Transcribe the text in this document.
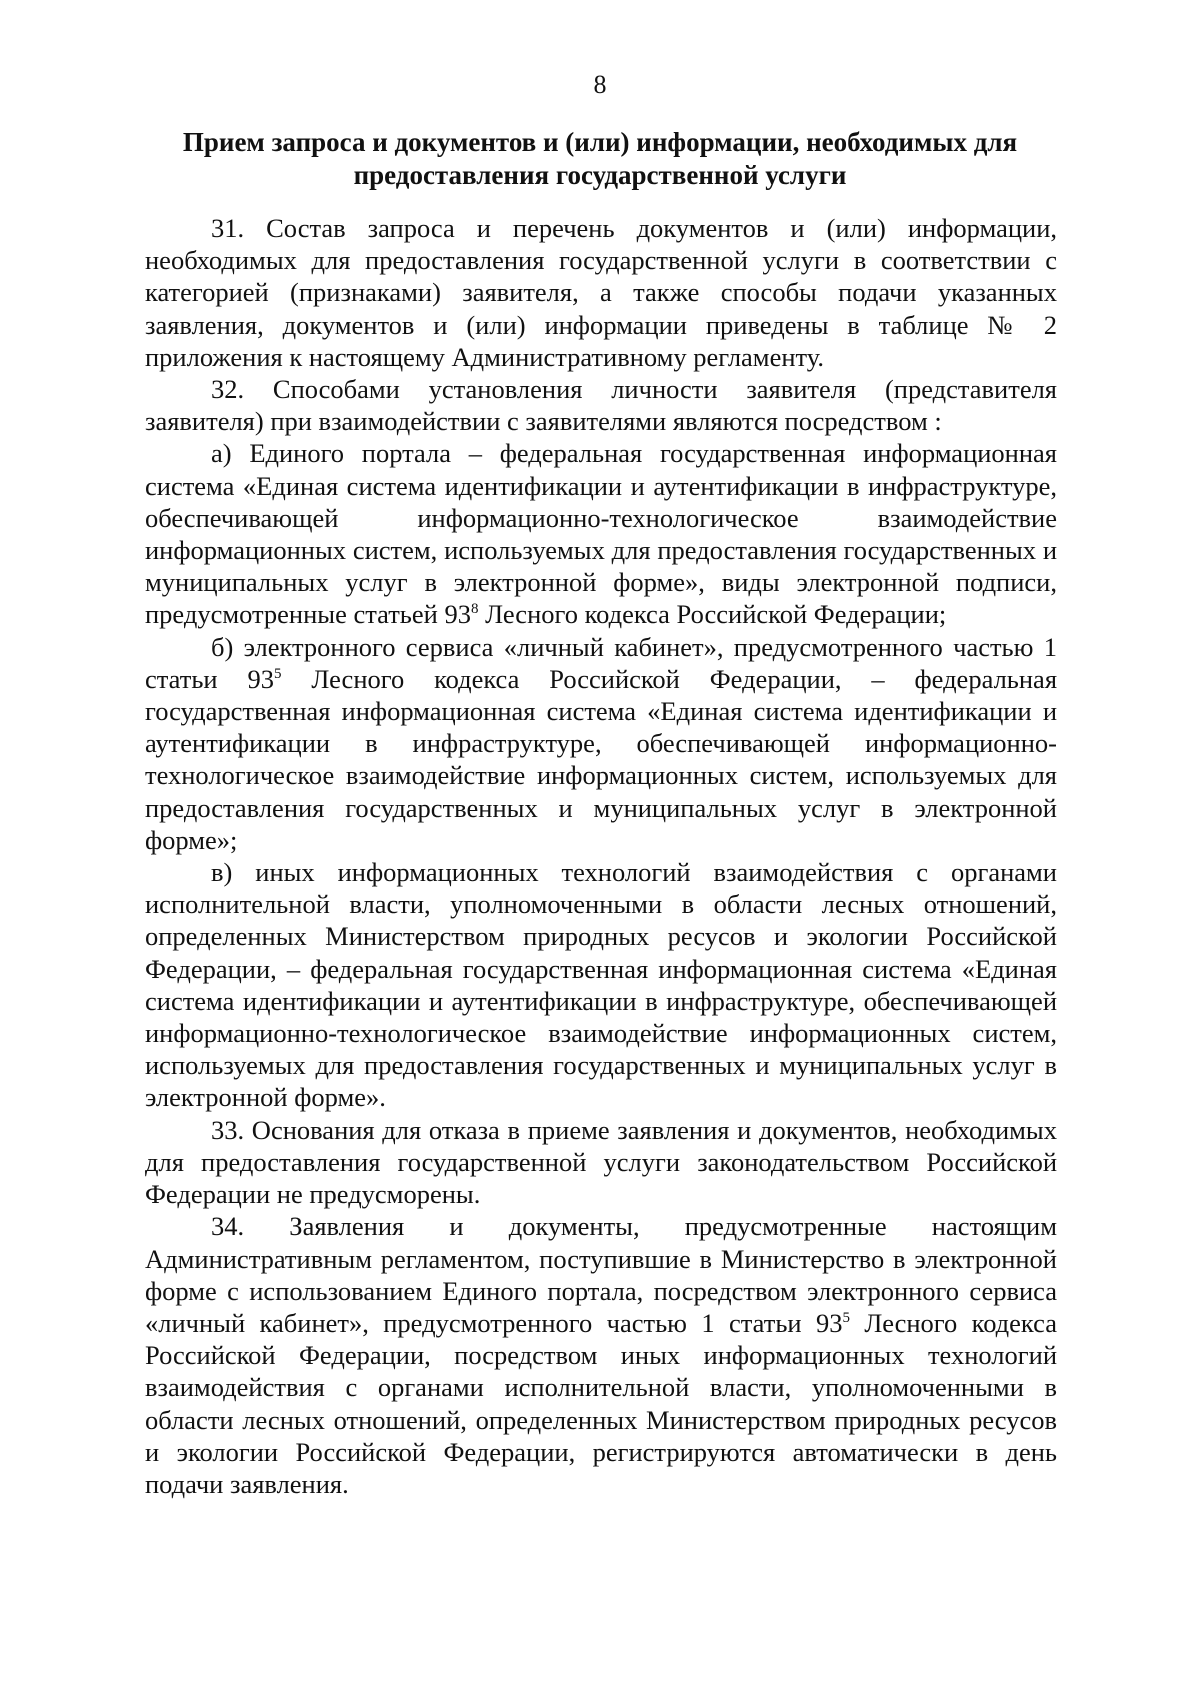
8
Прием запроса и документов и (или) информации, необходимых для предоставления государственной услуги

31. Состав запроса и перечень документов и (или) информации, необходимых для предоставления государственной услуги в соответствии с категорией (признаками) заявителя, а также способы подачи указанных заявления, документов и (или) информации приведены в таблице № 2 приложения к настоящему Административному регламенту.

32. Способами установления личности заявителя (представителя заявителя) при взаимодействии с заявителями являются посредством :

а) Единого портала – федеральная государственная информационная система «Единая система идентификации и аутентификации в инфраструктуре, обеспечивающей информационно-технологическое взаимодействие информационных систем, используемых для предоставления государственных и муниципальных услуг в электронной форме», виды электронной подписи, предусмотренные статьей $93^8$ Лесного кодекса Российской Федерации;

б) электронного сервиса «личный кабинет», предусмотренного частью 1 статьи $93^5$ Лесного кодекса Российской Федерации, – федеральная государственная информационная система «Единая система идентификации и аутентификации в инфраструктуре, обеспечивающей информационно-технологическое взаимодействие информационных систем, используемых для предоставления государственных и муниципальных услуг в электронной форме»;

в) иных информационных технологий взаимодействия с органами исполнительной власти, уполномоченными в области лесных отношений, определенных Министерством природных ресусов и экологии Российской Федерации, – федеральная государственная информационная система «Единая система идентификации и аутентификации в инфраструктуре, обеспечивающей информационно-технологическое взаимодействие информационных систем, используемых для предоставления государственных и муниципальных услуг в электронной форме».

33. Основания для отказа в приеме заявления и документов, необходимых для предоставления государственной услуги законодательством Российской Федерации не предусморены.

34. Заявления и документы, предусмотренные настоящим Административным регламентом, поступившие в Министерство в электронной форме с использованием Единого портала, посредством электронного сервиса «личный кабинет», предусмотренного частью 1 статьи $93^5$ Лесного кодекса Российской Федерации, посредством иных информационных технологий взаимодействия с органами исполнительной власти, уполномоченными в области лесных отношений, определенных Министерством природных ресусов и экологии Российской Федерации, регистрируются автоматически в день подачи заявления.
